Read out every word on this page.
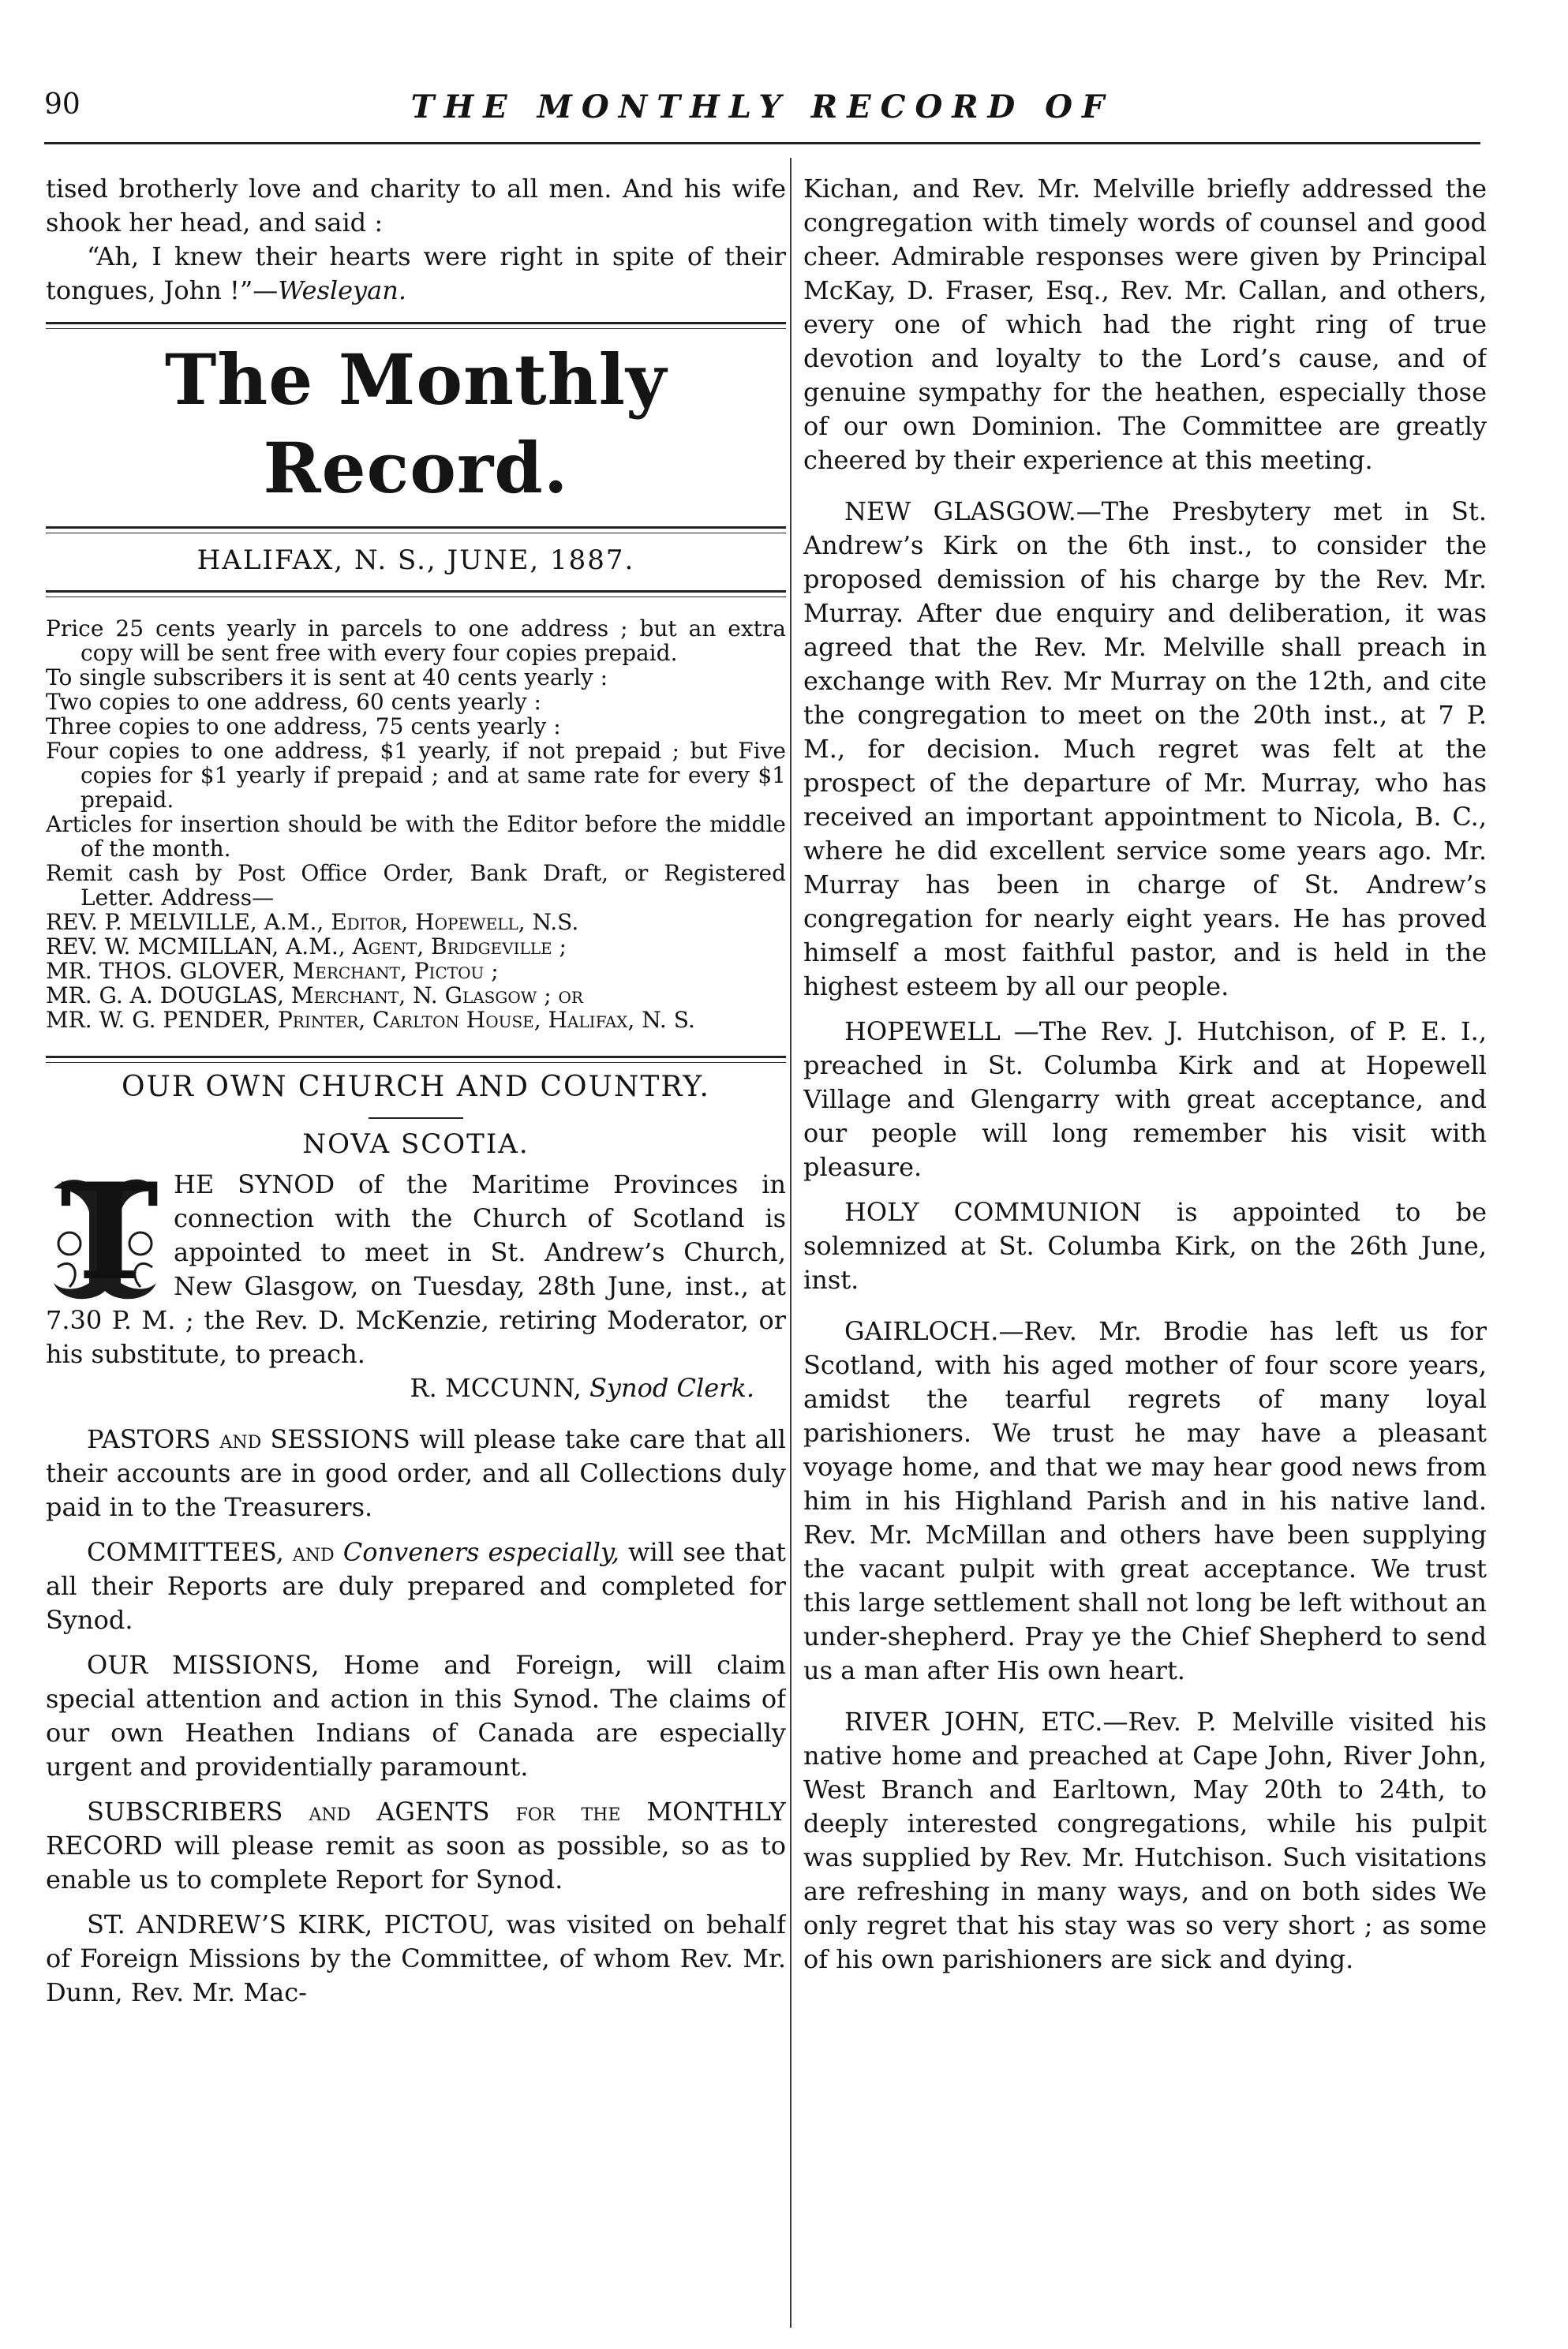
90	THE MONTHLY RECORD OF

tised brotherly love and charity to all men. And his wife shook her head, and said :

“Ah, I knew their hearts were right in spite of their tongues, John !”—Wesleyan.

The Monthly Record.
HALIFAX, N. S., JUNE, 1887.

Price 25 cents yearly in parcels to one address ; but an extra copy will be sent free with every four copies prepaid.

To single subscribers it is sent at 40 cents yearly :

Two copies to one address, 60 cents yearly :

Three copies to one address, 75 cents yearly :

Four copies to one address, $1 yearly, if not prepaid ; but Five copies for $1 yearly if prepaid ; and at same rate for every $1 prepaid.

Articles for insertion should be with the Editor before the middle of the month.

Remit cash by Post Office Order, Bank Draft, or Registered Letter. Address—

REV. P. MELVILLE, A.M., Editor, Hopewell, N.S.

REV. W. MCMILLAN, A.M., Agent, Bridgeville ;

MR. THOS. GLOVER, Merchant, Pictou ;

MR. G. A. DOUGLAS, Merchant, N. Glasgow ; or

MR. W. G. PENDER, Printer, Carlton House, Halifax, N. S.

OUR OWN CHURCH AND COUNTRY.
NOVA SCOTIA.

T HE SYNOD of the Maritime Provinces in connection with the Church of Scotland is appointed to meet in St. Andrew’s Church, New Glasgow, on Tuesday, 28th June, inst., at 7.30 P. M. ; the Rev. D. McKenzie, retiring Moderator, or his substitute, to preach.

R. MCCUNN, Synod Clerk.

PASTORS and SESSIONS will please take care that all their accounts are in good order, and all Collections duly paid in to the Treasurers.

COMMITTEES, and Conveners especially, will see that all their Reports are duly prepared and completed for Synod.

OUR MISSIONS, Home and Foreign, will claim special attention and action in this Synod. The claims of our own Heathen Indians of Canada are especially urgent and providentially paramount.

SUBSCRIBERS and AGENTS for the MONTHLY RECORD will please remit as soon as possible, so as to enable us to complete Report for Synod.

ST. ANDREW’S KIRK, PICTOU, was visited on behalf of Foreign Missions by the Committee, of whom Rev. Mr. Dunn, Rev. Mr. Mac-

Kichan, and Rev. Mr. Melville briefly addressed the congregation with timely words of counsel and good cheer. Admirable responses were given by Principal McKay, D. Fraser, Esq., Rev. Mr. Callan, and others, every one of which had the right ring of true devotion and loyalty to the Lord’s cause, and of genuine sympathy for the heathen, especially those of our own Dominion. The Committee are greatly cheered by their experience at this meeting.

NEW GLASGOW.—The Presbytery met in St. Andrew’s Kirk on the 6th inst., to consider the proposed demission of his charge by the Rev. Mr. Murray. After due enquiry and deliberation, it was agreed that the Rev. Mr. Melville shall preach in exchange with Rev. Mr Murray on the 12th, and cite the congregation to meet on the 20th inst., at 7 P. M., for decision. Much regret was felt at the prospect of the departure of Mr. Murray, who has received an important appointment to Nicola, B. C., where he did excellent service some years ago. Mr. Murray has been in charge of St. Andrew’s congregation for nearly eight years. He has proved himself a most faithful pastor, and is held in the highest esteem by all our people.

HOPEWELL —The Rev. J. Hutchison, of P. E. I., preached in St. Columba Kirk and at Hopewell Village and Glengarry with great acceptance, and our people will long remember his visit with pleasure.

HOLY COMMUNION is appointed to be solemnized at St. Columba Kirk, on the 26th June, inst.

GAIRLOCH.—Rev. Mr. Brodie has left us for Scotland, with his aged mother of four score years, amidst the tearful regrets of many loyal parishioners. We trust he may have a pleasant voyage home, and that we may hear good news from him in his Highland Parish and in his native land. Rev. Mr. McMillan and others have been supplying the vacant pulpit with great acceptance. We trust this large settlement shall not long be left without an under-shepherd. Pray ye the Chief Shepherd to send us a man after His own heart.

RIVER JOHN, ETC.—Rev. P. Melville visited his native home and preached at Cape John, River John, West Branch and Earltown, May 20th to 24th, to deeply interested congregations, while his pulpit was supplied by Rev. Mr. Hutchison. Such visitations are refreshing in many ways, and on both sides We only regret that his stay was so very short ; as some of his own parishioners are sick and dying.
